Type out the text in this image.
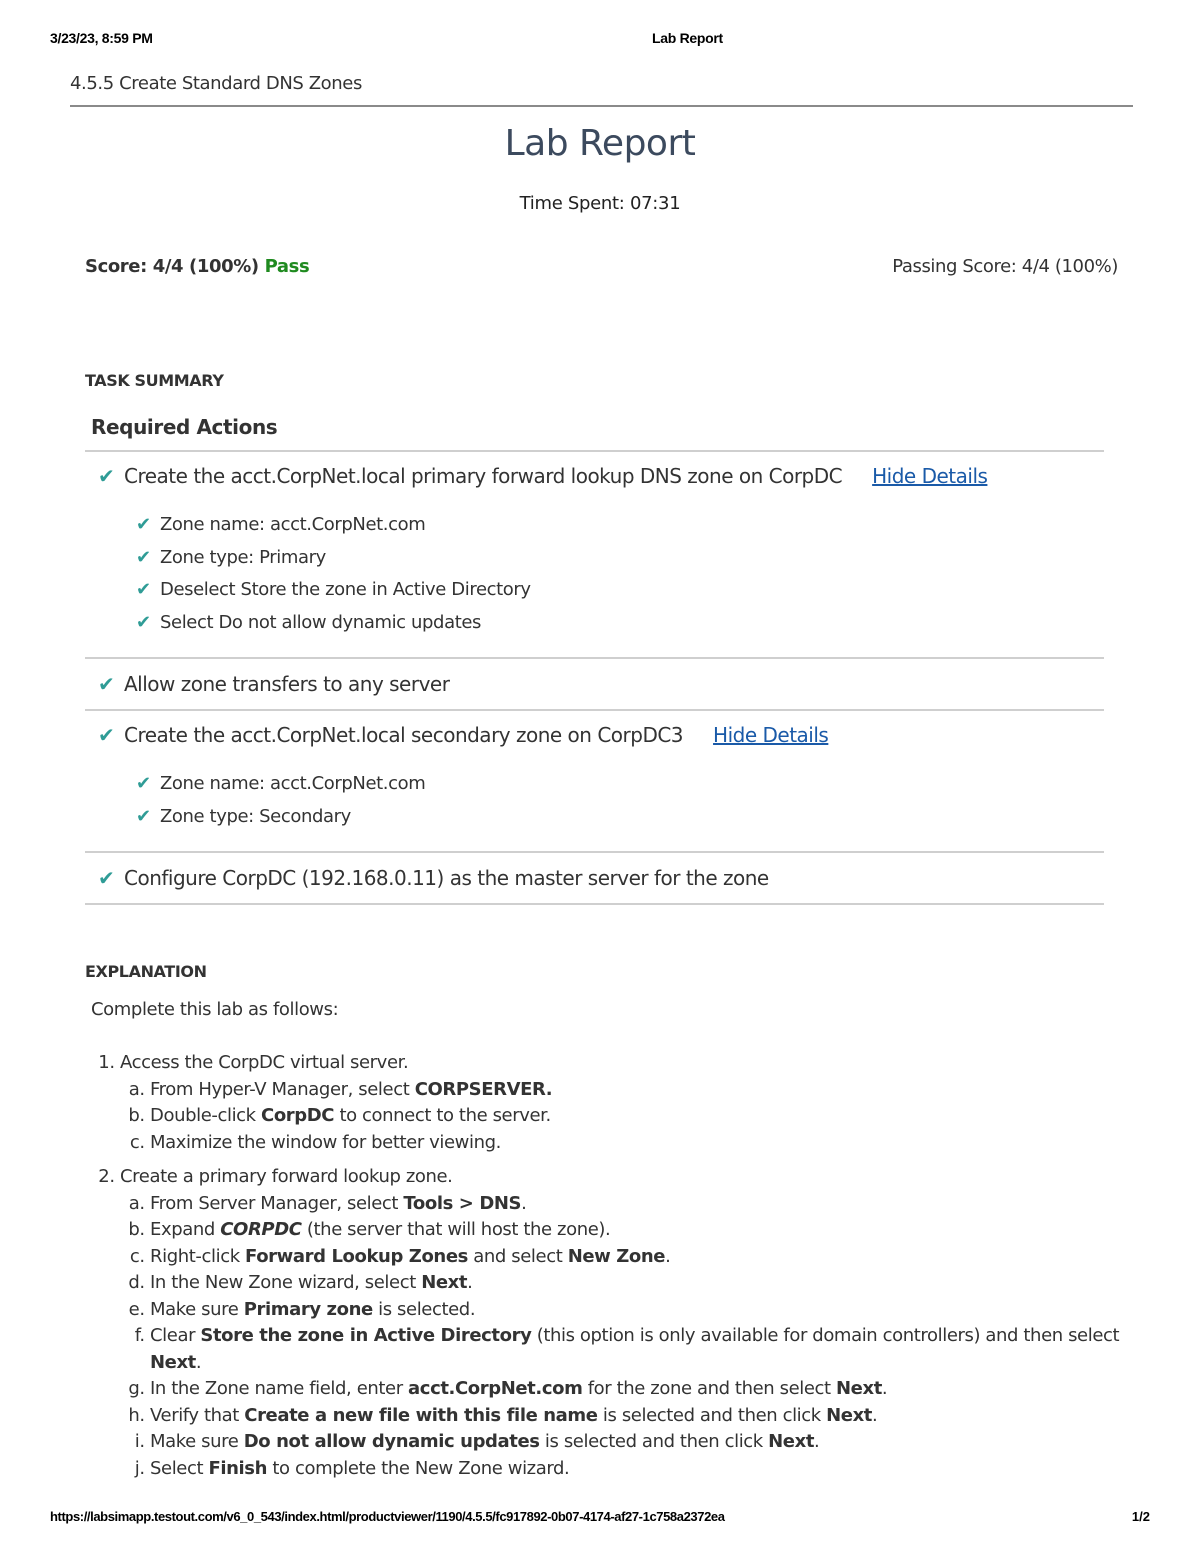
3/23/23, 8:59 PM	Lab Report
4.5.5 Create Standard DNS Zones
Lab Report
Time Spent: 07:31
Score: 4/4 (100%) Pass	Passing Score: 4/4 (100%)
TASK SUMMARY
Required Actions
✔ Create the acct.CorpNet.local primary forward lookup DNS zone on CorpDC Hide Details
✔ Zone name: acct.CorpNet.com
✔ Zone type: Primary
✔ Deselect Store the zone in Active Directory
✔ Select Do not allow dynamic updates
✔ Allow zone transfers to any server
✔ Create the acct.CorpNet.local secondary zone on CorpDC3 Hide Details
✔ Zone name: acct.CorpNet.com
✔ Zone type: Secondary
✔ Configure CorpDC (192.168.0.11) as the master server for the zone
EXPLANATION
Complete this lab as follows:
1. Access the CorpDC virtual server.
a. From Hyper-V Manager, select CORPSERVER.
b. Double-click CorpDC to connect to the server.
c. Maximize the window for better viewing.
2. Create a primary forward lookup zone.
a. From Server Manager, select Tools > DNS.
b. Expand CORPDC (the server that will host the zone).
c. Right-click Forward Lookup Zones and select New Zone.
d. In the New Zone wizard, select Next.
e. Make sure Primary zone is selected.
f. Clear Store the zone in Active Directory (this option is only available for domain controllers) and then select Next.
g. In the Zone name field, enter acct.CorpNet.com for the zone and then select Next.
h. Verify that Create a new file with this file name is selected and then click Next.
i. Make sure Do not allow dynamic updates is selected and then click Next.
j. Select Finish to complete the New Zone wizard.
https://labsimapp.testout.com/v6_0_543/index.html/productviewer/1190/4.5.5/fc917892-0b07-4174-af27-1c758a2372ea	1/2
